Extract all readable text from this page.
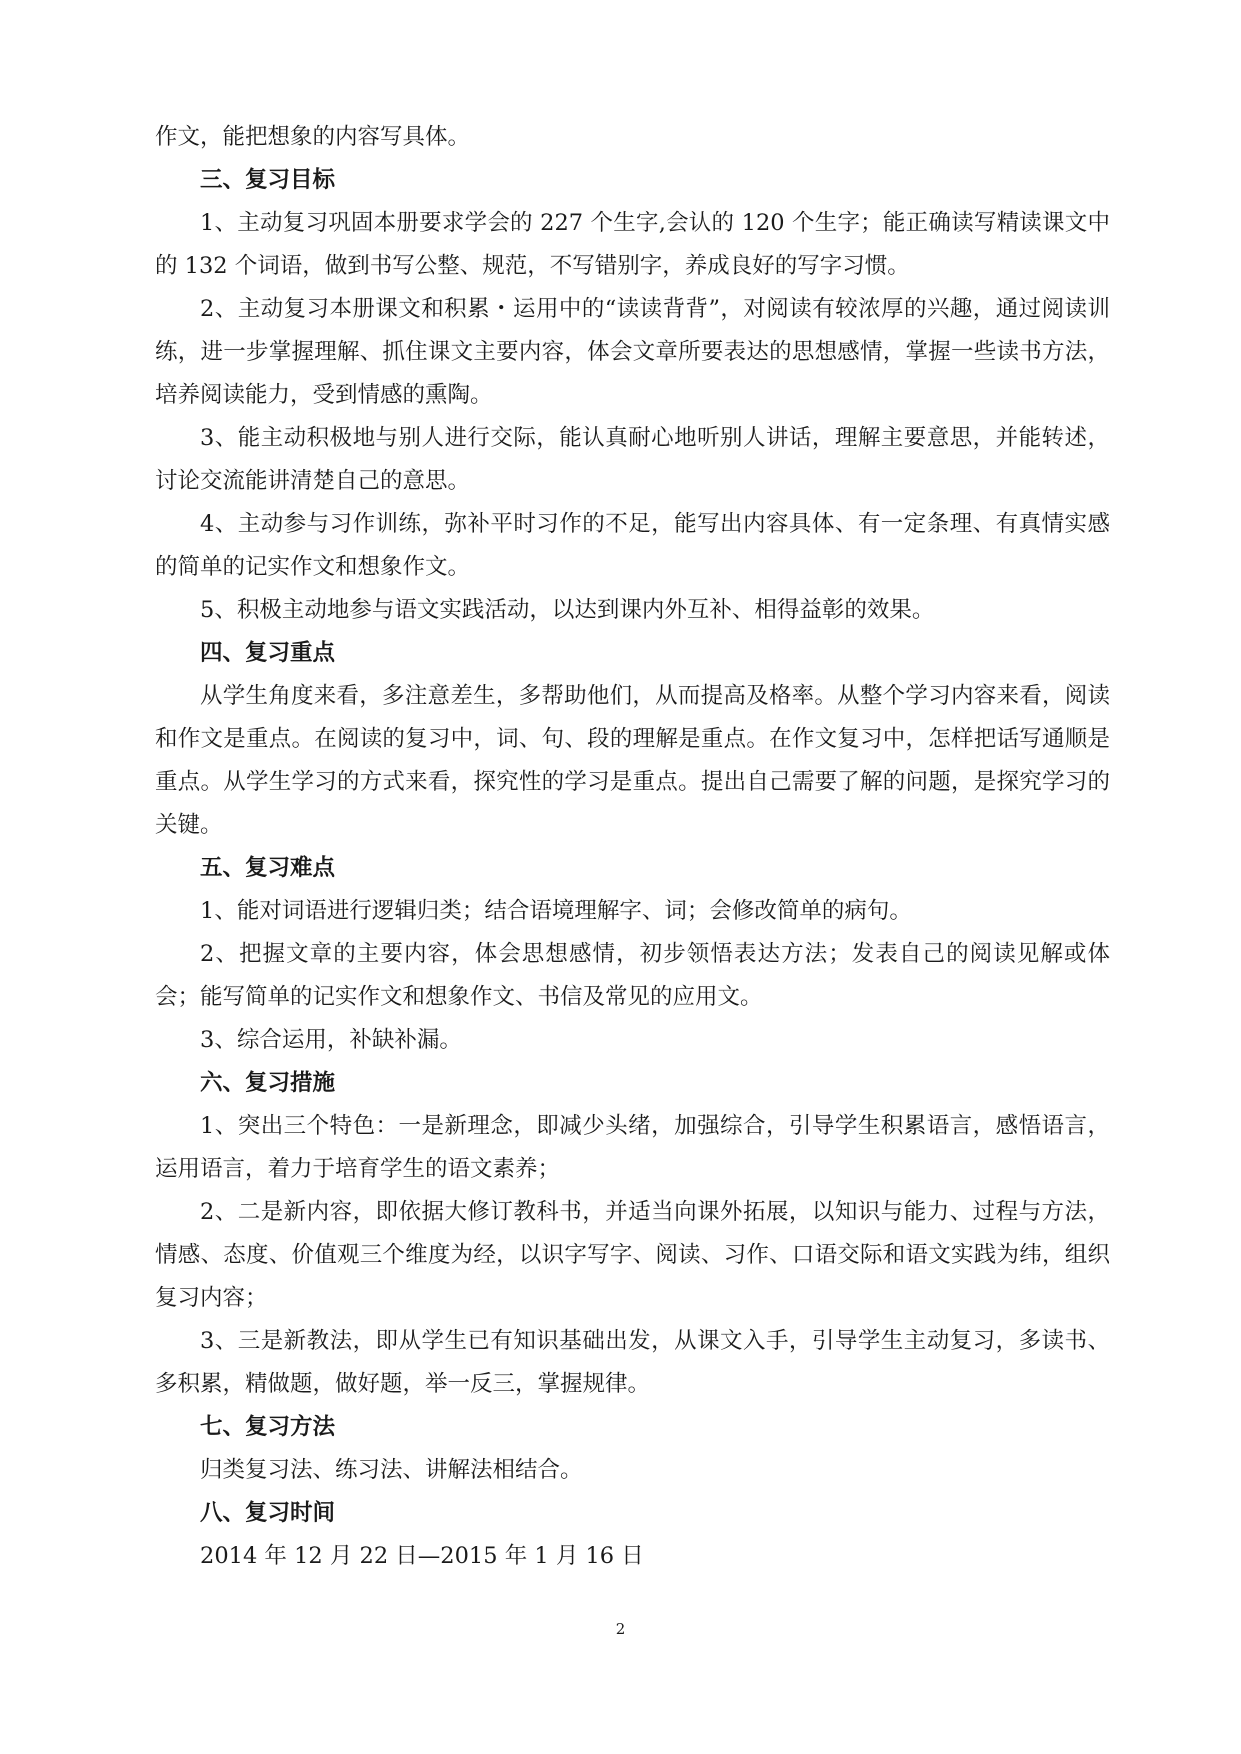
作文，能把想象的内容写具体。

三、复习目标

1、主动复习巩固本册要求学会的 227 个生字,会认的 120 个生字；能正确读写精读课文中的 132 个词语，做到书写公整、规范，不写错别字，养成良好的写字习惯。

2、主动复习本册课文和积累・运用中的“读读背背”，对阅读有较浓厚的兴趣，通过阅读训练，进一步掌握理解、抓住课文主要内容，体会文章所要表达的思想感情，掌握一些读书方法，培养阅读能力，受到情感的熏陶。

3、能主动积极地与别人进行交际，能认真耐心地听别人讲话，理解主要意思，并能转述，讨论交流能讲清楚自己的意思。

4、主动参与习作训练，弥补平时习作的不足，能写出内容具体、有一定条理、有真情实感的简单的记实作文和想象作文。

5、积极主动地参与语文实践活动，以达到课内外互补、相得益彰的效果。

四、复习重点

从学生角度来看，多注意差生，多帮助他们，从而提高及格率。从整个学习内容来看，阅读和作文是重点。在阅读的复习中，词、句、段的理解是重点。在作文复习中，怎样把话写通顺是重点。从学生学习的方式来看，探究性的学习是重点。提出自己需要了解的问题，是探究学习的关键。

五、复习难点

1、能对词语进行逻辑归类；结合语境理解字、词；会修改简单的病句。

2、把握文章的主要内容，体会思想感情，初步领悟表达方法；发表自己的阅读见解或体会；能写简单的记实作文和想象作文、书信及常见的应用文。

3、综合运用，补缺补漏。

六、复习措施

1、突出三个特色：一是新理念，即减少头绪，加强综合，引导学生积累语言，感悟语言，运用语言，着力于培育学生的语文素养；

2、二是新内容，即依据大修订教科书，并适当向课外拓展，以知识与能力、过程与方法，情感、态度、价值观三个维度为经，以识字写字、阅读、习作、口语交际和语文实践为纬，组织复习内容；

3、三是新教法，即从学生已有知识基础出发，从课文入手，引导学生主动复习，多读书、多积累，精做题，做好题，举一反三，掌握规律。

七、复习方法

归类复习法、练习法、讲解法相结合。

八、复习时间

2014 年 12 月 22 日—2015 年 1 月 16 日

2
